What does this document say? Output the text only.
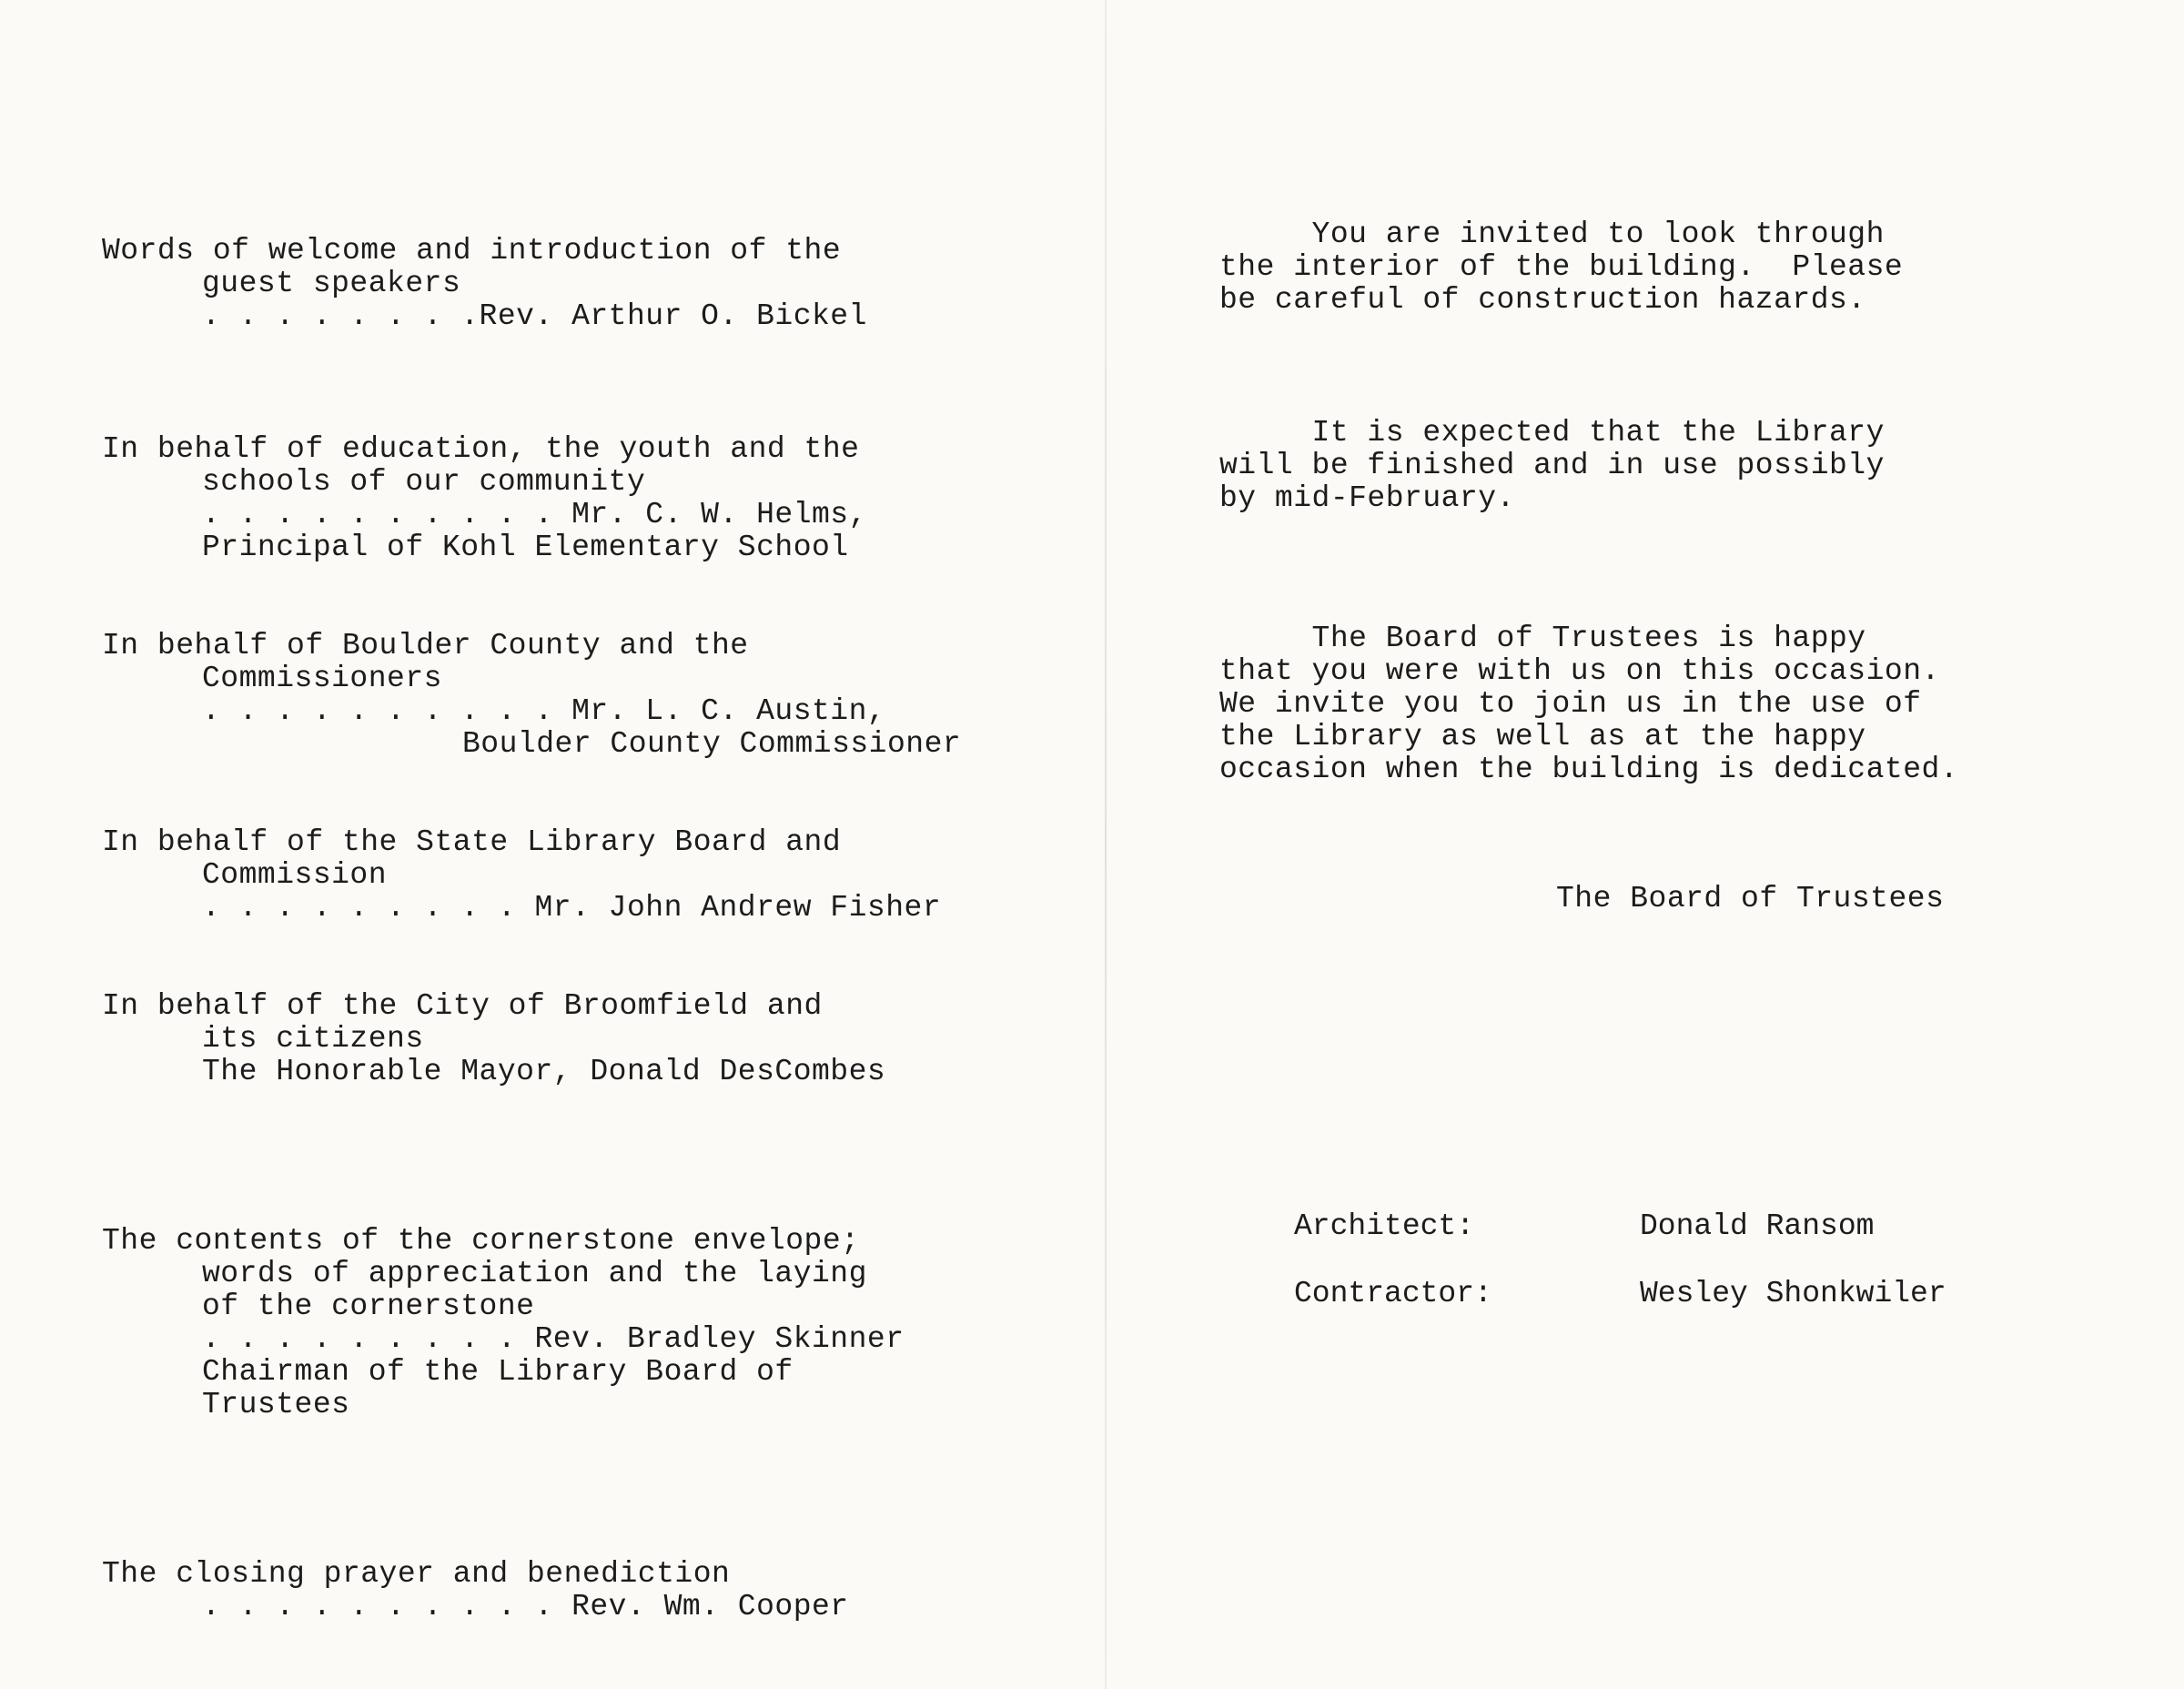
Words of welcome and introduction of the
guest speakers
. . . . . . . .Rev. Arthur O. Bickel
In behalf of education, the youth and the
schools of our community
. . . . . . . . . . Mr. C. W. Helms,
Principal of Kohl Elementary School
In behalf of Boulder County and the
Commissioners
. . . . . . . . . . Mr. L. C. Austin,
Boulder County Commissioner
In behalf of the State Library Board and
Commission
. . . . . . . . . Mr. John Andrew Fisher
In behalf of the City of Broomfield and
its citizens
The Honorable Mayor, Donald DesCombes
The contents of the cornerstone envelope;
words of appreciation and the laying
of the cornerstone
. . . . . . . . . Rev. Bradley Skinner
Chairman of the Library Board of
Trustees
The closing prayer and benediction
. . . . . . . . . . Rev. Wm. Cooper
You are invited to look through
the interior of the building.  Please
be careful of construction hazards.
It is expected that the Library
will be finished and in use possibly
by mid-February.
The Board of Trustees is happy
that you were with us on this occasion.
We invite you to join us in the use of
the Library as well as at the happy
occasion when the building is dedicated.
The Board of Trustees
Architect:	Donald Ransom
Contractor:	Wesley Shonkwiler
